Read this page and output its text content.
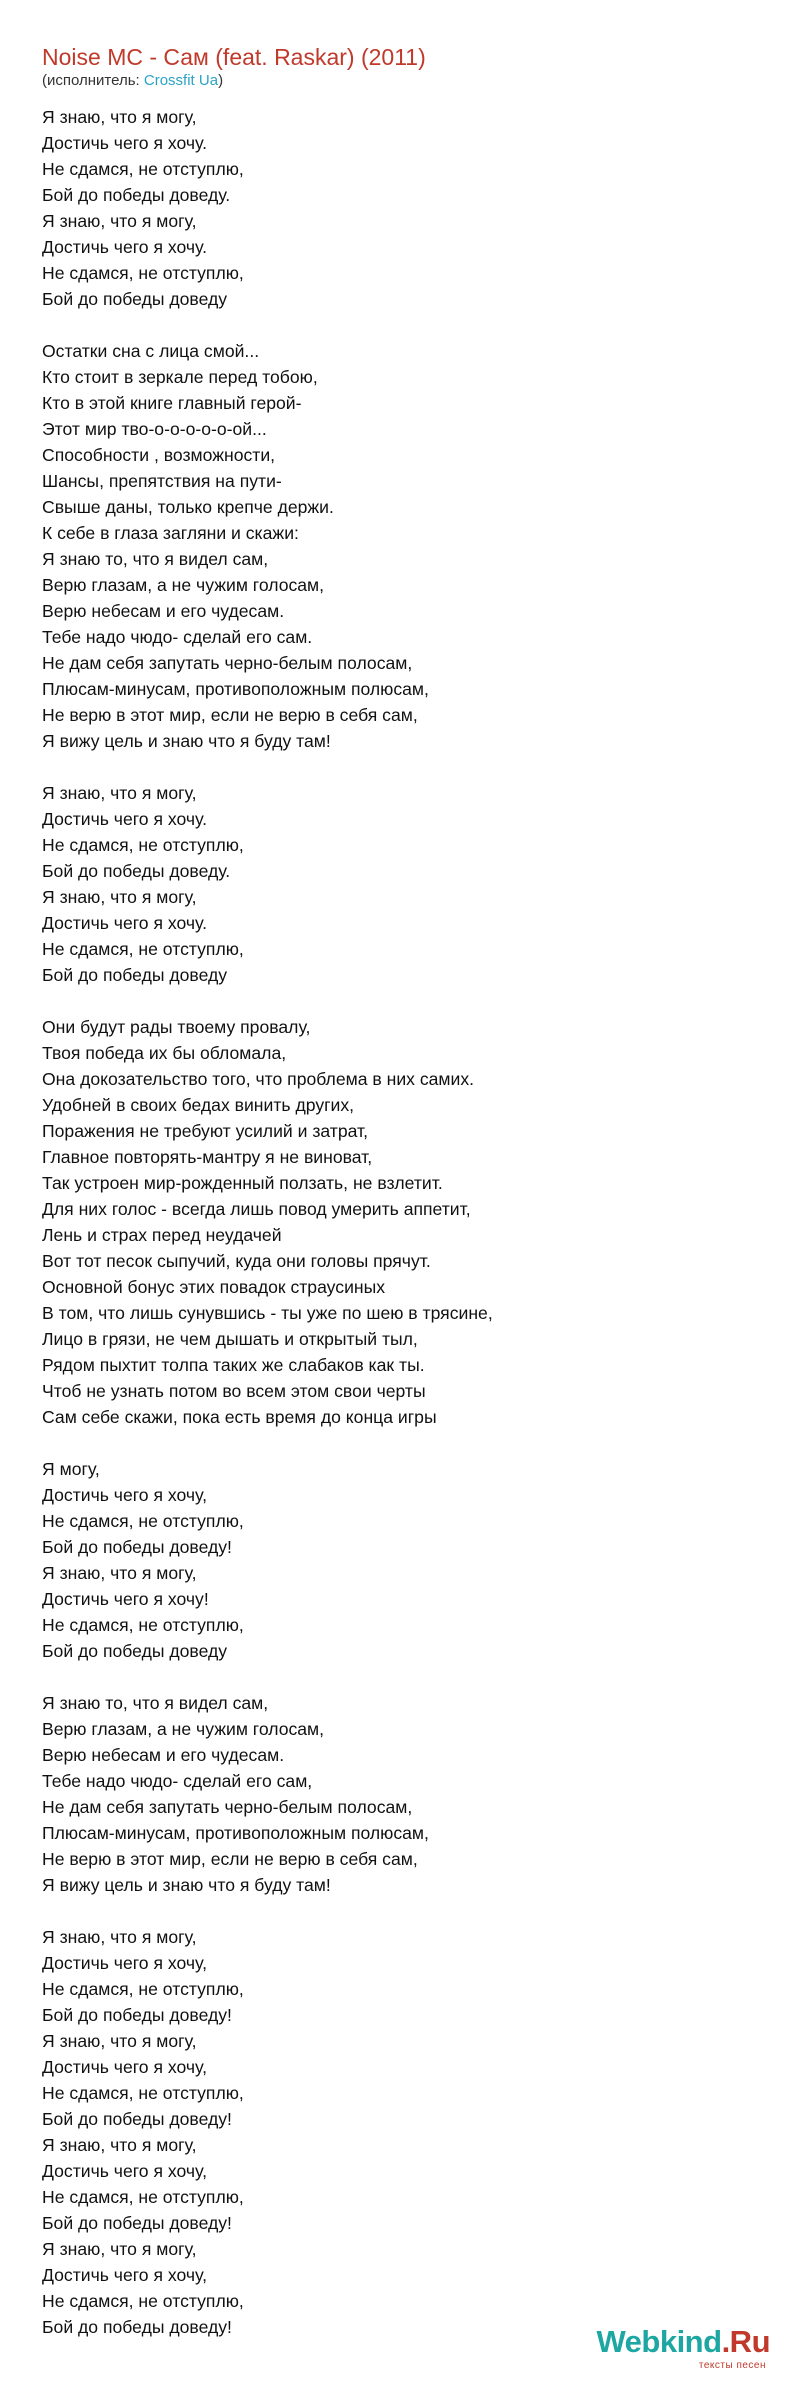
Noise MC - Сам (feat. Raskar) (2011)
(исполнитель: Crossfit Ua)
Я знаю, что я могу,
Достичь чего я хочу.
Не сдамся, не отступлю,
Бой до победы доведу.
Я знаю, что я могу,
Достичь чего я хочу.
Не сдамся, не отступлю,
Бой до победы доведу
Остатки сна с лица смой...
Кто стоит в зеркале перед тобою,
Кто в этой книге главный герой-
Этот мир тво-о-о-о-о-о-ой...
Способности , возможности,
Шансы, препятствия на пути-
Свыше даны, только крепче держи.
К себе в глаза загляни и скажи:
Я знаю то, что я видел сам,
Верю глазам, а не чужим голосам,
Верю небесам и его чудесам.
Тебе надо чюдо- сделай его сам.
Не дам себя запутать черно-белым полосам,
Плюсам-минусам, противоположным полюсам,
Не верю в этот мир, если не верю в себя сам,
Я вижу цель и знаю что я буду там!
Я знаю, что я могу,
Достичь чего я хочу.
Не сдамся, не отступлю,
Бой до победы доведу.
Я знаю, что я могу,
Достичь чего я хочу.
Не сдамся, не отступлю,
Бой до победы доведу
Они будут рады твоему провалу,
Твоя победа их бы обломала,
Она докозательство того, что проблема в них самих.
Удобней в своих бедах винить других,
Поражения не требуют усилий и затрат,
Главное повторять-мантру я не виноват,
Так устроен мир-рожденный ползать, не взлетит.
Для них голос - всегда лишь повод умерить аппетит,
Лень и страх перед неудачей
Вот тот песок сыпучий, куда они головы прячут.
Основной бонус этих повадок страусиных
В том, что лишь сунувшись - ты уже по шею в трясине,
Лицо в грязи, не чем дышать и открытый тыл,
Рядом пыхтит толпа таких же слабаков как ты.
Чтоб не узнать потом во всем этом свои черты
Сам себе скажи, пока есть время до конца игры
Я могу,
Достичь чего я хочу,
Не сдамся, не отступлю,
Бой до победы доведу!
Я знаю, что я могу,
Достичь чего я хочу!
Не сдамся, не отступлю,
Бой до победы доведу
Я знаю то, что я видел сам,
Верю глазам, а не чужим голосам,
Верю небесам и его чудесам.
Тебе надо чюдо- сделай его сам,
Не дам себя запутать черно-белым полосам,
Плюсам-минусам, противоположным полюсам,
Не верю в этот мир, если не верю в себя сам,
Я вижу цель и знаю что я буду там!
Я знаю, что я могу,
Достичь чего я хочу,
Не сдамся, не отступлю,
Бой до победы доведу!
Я знаю, что я могу,
Достичь чего я хочу,
Не сдамся, не отступлю,
Бой до победы доведу!
Я знаю, что я могу,
Достичь чего я хочу,
Не сдамся, не отступлю,
Бой до победы доведу!
Я знаю, что я могу,
Достичь чего я хочу,
Не сдамся, не отступлю,
Бой до победы доведу!	Webkind.Ru
тексты песен
